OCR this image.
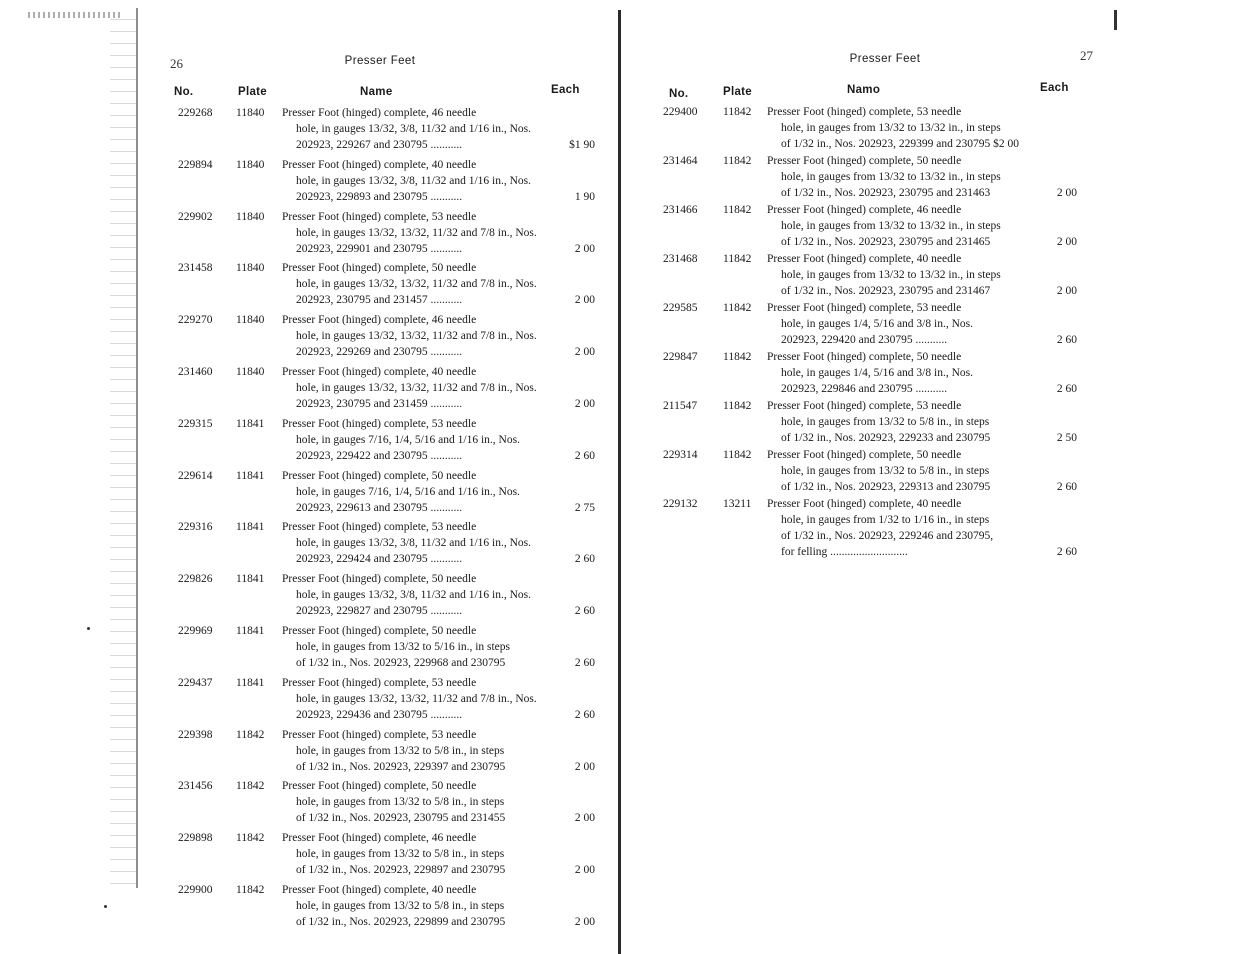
26	Presser Feet
No.	Plate	Name	Each
229268	11840	Presser Foot (hinged) complete, 46 needle
hole, in gauges 13/32, 3/8, 11/32 and 1/16 in., Nos.
202923, 229267 and 230795 ...........	$1 90
229894	11840	Presser Foot (hinged) complete, 40 needle
hole, in gauges 13/32, 3/8, 11/32 and 1/16 in., Nos.
202923, 229893 and 230795 ...........	1 90
229902	11840	Presser Foot (hinged) complete, 53 needle
hole, in gauges 13/32, 13/32, 11/32 and 7/8 in., Nos.
202923, 229901 and 230795 ...........	2 00
231458	11840	Presser Foot (hinged) complete, 50 needle
hole, in gauges 13/32, 13/32, 11/32 and 7/8 in., Nos.
202923, 230795 and 231457 ...........	2 00
229270	11840	Presser Foot (hinged) complete, 46 needle
hole, in gauges 13/32, 13/32, 11/32 and 7/8 in., Nos.
202923, 229269 and 230795 ...........	2 00
231460	11840	Presser Foot (hinged) complete, 40 needle
hole, in gauges 13/32, 13/32, 11/32 and 7/8 in., Nos.
202923, 230795 and 231459 ...........	2 00
229315	11841	Presser Foot (hinged) complete, 53 needle
hole, in gauges 7/16, 1/4, 5/16 and 1/16 in., Nos.
202923, 229422 and 230795 ...........	2 60
229614	11841	Presser Foot (hinged) complete, 50 needle
hole, in gauges 7/16, 1/4, 5/16 and 1/16 in., Nos.
202923, 229613 and 230795 ...........	2 75
229316	11841	Presser Foot (hinged) complete, 53 needle
hole, in gauges 13/32, 3/8, 11/32 and 1/16 in., Nos.
202923, 229424 and 230795 ...........	2 60
229826	11841	Presser Foot (hinged) complete, 50 needle
hole, in gauges 13/32, 3/8, 11/32 and 1/16 in., Nos.
202923, 229827 and 230795 ...........	2 60
229969	11841	Presser Foot (hinged) complete, 50 needle
hole, in gauges from 13/32 to 5/16 in., in steps
of 1/32 in., Nos. 202923, 229968 and 230795	2 60
229437	11841	Presser Foot (hinged) complete, 53 needle
hole, in gauges 13/32, 13/32, 11/32 and 7/8 in., Nos.
202923, 229436 and 230795 ...........	2 60
229398	11842	Presser Foot (hinged) complete, 53 needle
hole, in gauges from 13/32 to 5/8 in., in steps
of 1/32 in., Nos. 202923, 229397 and 230795	2 00
231456	11842	Presser Foot (hinged) complete, 50 needle
hole, in gauges from 13/32 to 5/8 in., in steps
of 1/32 in., Nos. 202923, 230795 and 231455	2 00
229898	11842	Presser Foot (hinged) complete, 46 needle
hole, in gauges from 13/32 to 5/8 in., in steps
of 1/32 in., Nos. 202923, 229897 and 230795	2 00
229900	11842	Presser Foot (hinged) complete, 40 needle
hole, in gauges from 13/32 to 5/8 in., in steps
of 1/32 in., Nos. 202923, 229899 and 230795	2 00
27
Presser Feet
No.	Plate	Namo	Each
229400	11842	Presser Foot (hinged) complete, 53 needle
hole, in gauges from 13/32 to 13/32 in., in steps
of 1/32 in., Nos. 202923, 229399 and 230795 $2 00
231464	11842	Presser Foot (hinged) complete, 50 needle
hole, in gauges from 13/32 to 13/32 in., in steps
of 1/32 in., Nos. 202923, 230795 and 231463	2 00
231466	11842	Presser Foot (hinged) complete, 46 needle
hole, in gauges from 13/32 to 13/32 in., in steps
of 1/32 in., Nos. 202923, 230795 and 231465	2 00
231468	11842	Presser Foot (hinged) complete, 40 needle
hole, in gauges from 13/32 to 13/32 in., in steps
of 1/32 in., Nos. 202923, 230795 and 231467	2 00
229585	11842	Presser Foot (hinged) complete, 53 needle
hole, in gauges 1/4, 5/16 and 3/8 in., Nos.
202923, 229420 and 230795 ...........	2 60
229847	11842	Presser Foot (hinged) complete, 50 needle
hole, in gauges 1/4, 5/16 and 3/8 in., Nos.
202923, 229846 and 230795 ...........	2 60
211547	11842	Presser Foot (hinged) complete, 53 needle
hole, in gauges from 13/32 to 5/8 in., in steps
of 1/32 in., Nos. 202923, 229233 and 230795	2 50
229314	11842	Presser Foot (hinged) complete, 50 needle
hole, in gauges from 13/32 to 5/8 in., in steps
of 1/32 in., Nos. 202923, 229313 and 230795	2 60
229132	13211	Presser Foot (hinged) complete, 40 needle
hole, in gauges from 1/32 to 1/16 in., in steps
of 1/32 in., Nos. 202923, 229246 and 230795,
for felling ...........................	2 60
